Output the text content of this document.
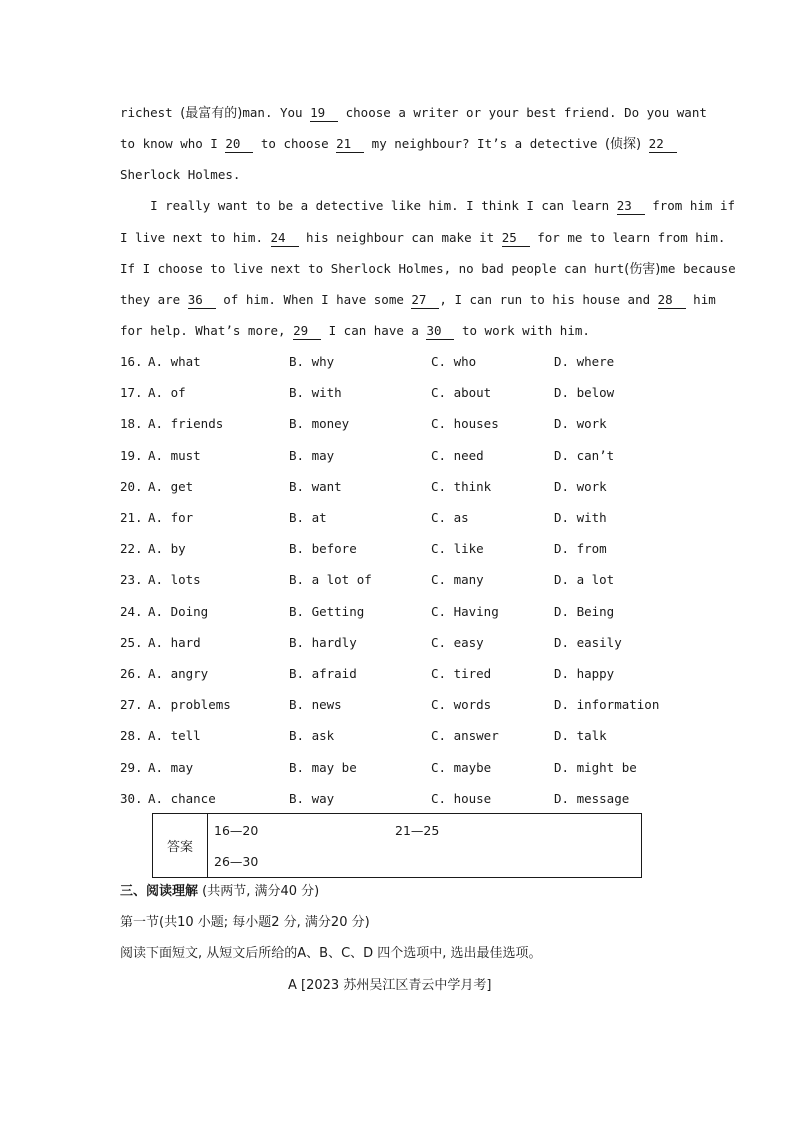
richest (最富有的)man. You 19 choose a writer or your best friend. Do you want
to know who I 20 to choose 21 my neighbour? It’s a detective (侦探) 22
Sherlock Holmes.
I really want to be a detective like him. I think I can learn 23 from him if
I live next to him. 24 his neighbour can make it 25 for me to learn from him.
If I choose to live next to Sherlock Holmes, no bad people can hurt(伤害)me because
they are 36 of him. When I have some 27 , I can run to his house and 28 him
for help. What’s more, 29 I can have a 30 to work with him.
16. A. what	B. why	C. who	D. where
17. A. of	B. with	C. about	D. below
18. A. friends	B. money	C. houses	D. work
19. A. must	B. may	C. need	D. can’t
20. A. get	B. want	C. think	D. work
21. A. for	B. at	C. as	D. with
22. A. by	B. before	C. like	D. from
23. A. lots	B. a lot of	C. many	D. a lot
24. A. Doing	B. Getting	C. Having	D. Being
25. A. hard	B. hardly	C. easy	D. easily
26. A. angry	B. afraid	C. tired	D. happy
27. A. problems	B. news	C. words	D. information
28. A. tell	B. ask	C. answer	D. talk
29. A. may	B. may be	C. maybe	D. might be
30. A. chance	B. way	C. house	D. message
答案
16—20	21—25
26—30
三、阅读理解 (共两节, 满分40 分)
第一节(共10 小题; 每小题2 分, 满分20 分)
阅读下面短文, 从短文后所给的A、B、C、D 四个选项中, 选出最佳选项。
A [2023 苏州吴江区青云中学月考]
